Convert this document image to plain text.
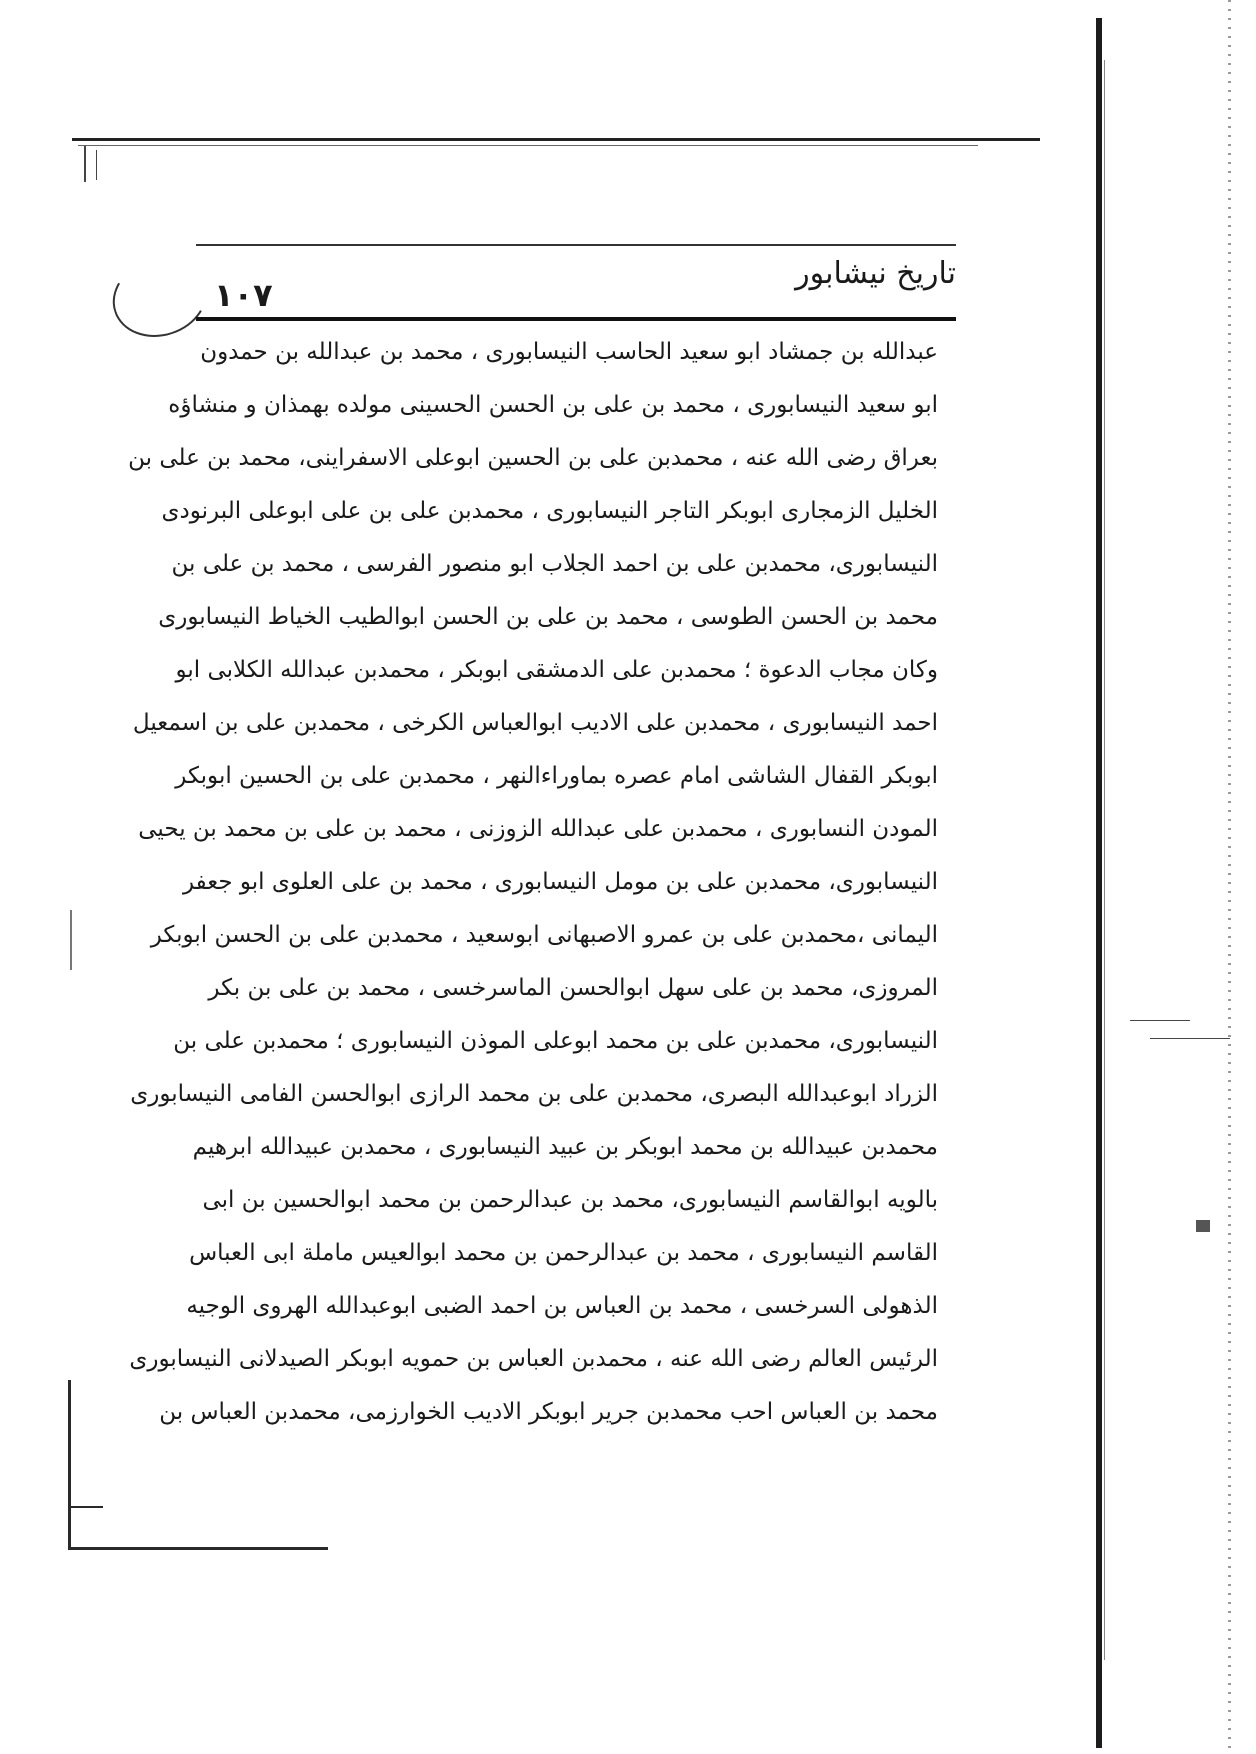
١٠٧
تاريخ نيشابور
عبدالله بن جمشاد ابو سعيد الحاسب النيسابورى ، محمد بن عبدالله بن حمدون
ابو سعيد النيسابورى ، محمد بن على بن الحسن الحسينى مولده بهمذان و منشاؤه
بعراق رضى الله عنه ، محمدبن على بن الحسين ابوعلى الاسفراينى، محمد بن على بن
الخليل الزمجارى ابوبكر التاجر النيسابورى ، محمدبن على بن على ابوعلى البرنودى
النيسابورى، محمدبن على بن احمد الجلاب ابو منصور الفرسى ، محمد بن على بن
محمد بن الحسن الطوسى ، محمد بن على بن الحسن ابوالطيب الخياط النيسابورى
وكان مجاب الدعوة ؛ محمدبن على الدمشقى ابوبكر ، محمدبن عبدالله الكلابى ابو
احمد النيسابورى ، محمدبن على الاديب ابوالعباس الكرخى ، محمدبن على بن اسمعيل
ابوبكر القفال الشاشى امام عصره بماوراءالنهر ، محمدبن على بن الحسين ابوبكر
المودن النسابورى ، محمدبن على عبدالله الزوزنى ، محمد بن على بن محمد بن يحيى
النيسابورى، محمدبن على بن مومل النيسابورى ، محمد بن على العلوى ابو جعفر
اليمانى ،محمدبن على بن عمرو الاصبهانى ابوسعيد ، محمدبن على بن الحسن ابوبكر
المروزى، محمد بن على سهل ابوالحسن الماسرخسى ، محمد بن على بن بكر
النيسابورى، محمدبن على بن محمد ابوعلى الموذن النيسابورى ؛ محمدبن على بن
الزراد ابوعبدالله البصرى، محمدبن على بن محمد الرازى ابوالحسن الفامى النيسابورى
محمدبن عبيدالله بن محمد ابوبكر بن عبيد النيسابورى ، محمدبن عبيدالله ابرهيم
بالويه ابوالقاسم النيسابورى، محمد بن عبدالرحمن بن محمد ابوالحسين بن ابى
القاسم النيسابورى ، محمد بن عبدالرحمن بن محمد ابوالعيس ماملة ابى العباس
الذهولى السرخسى ، محمد بن العباس بن احمد الضبى ابوعبدالله الهروى الوجيه
الرئيس العالم رضى الله عنه ، محمدبن العباس بن حمويه ابوبكر الصيدلانى النيسابورى
محمد بن العباس احب محمدبن جرير ابوبكر الاديب الخوارزمى، محمدبن العباس بن
